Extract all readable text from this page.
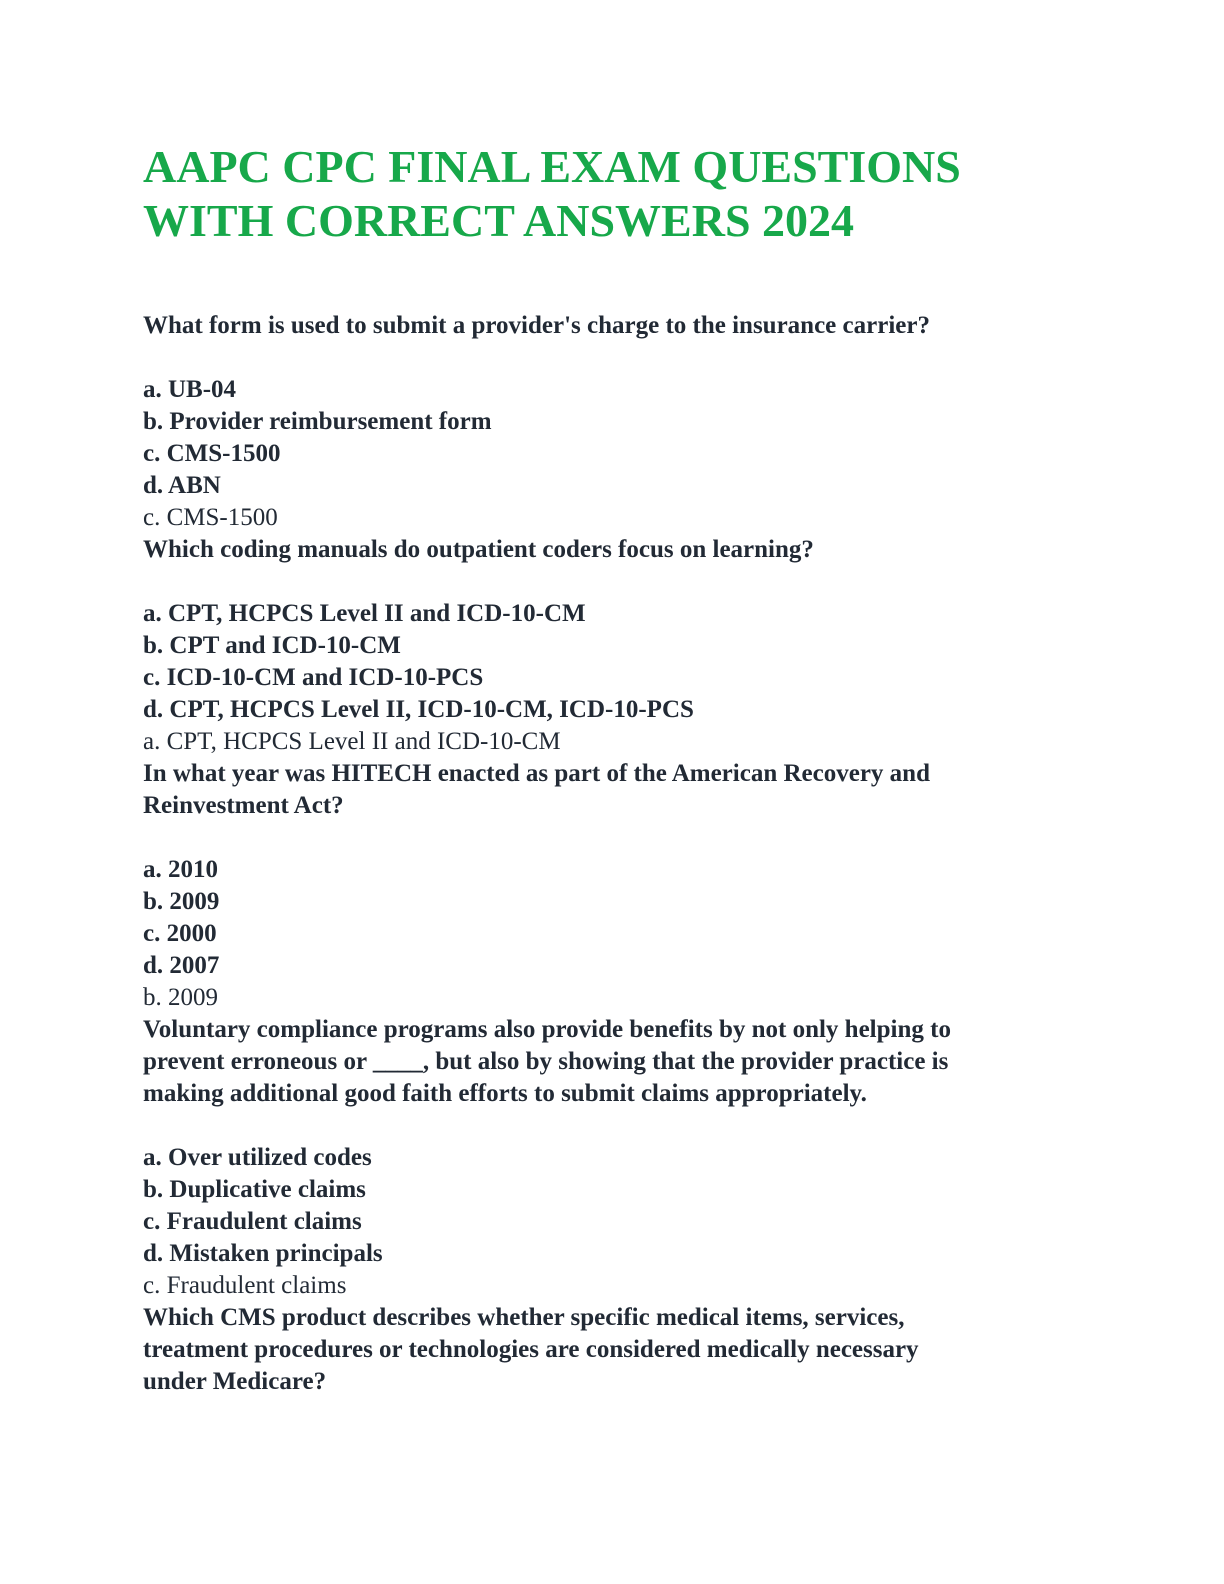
AAPC CPC FINAL EXAM QUESTIONS
WITH CORRECT ANSWERS 2024
What form is used to submit a provider's charge to the insurance carrier?
a. UB-04
b. Provider reimbursement form
c. CMS-1500
d. ABN
c. CMS-1500
Which coding manuals do outpatient coders focus on learning?
a. CPT, HCPCS Level II and ICD-10-CM
b. CPT and ICD-10-CM
c. ICD-10-CM and ICD-10-PCS
d. CPT, HCPCS Level II, ICD-10-CM, ICD-10-PCS
a. CPT, HCPCS Level II and ICD-10-CM
In what year was HITECH enacted as part of the American Recovery and
Reinvestment Act?
a. 2010
b. 2009
c. 2000
d. 2007
b. 2009
Voluntary compliance programs also provide benefits by not only helping to
prevent erroneous or ____, but also by showing that the provider practice is
making additional good faith efforts to submit claims appropriately.
a. Over utilized codes
b. Duplicative claims
c. Fraudulent claims
d. Mistaken principals
c. Fraudulent claims
Which CMS product describes whether specific medical items, services,
treatment procedures or technologies are considered medically necessary
under Medicare?
